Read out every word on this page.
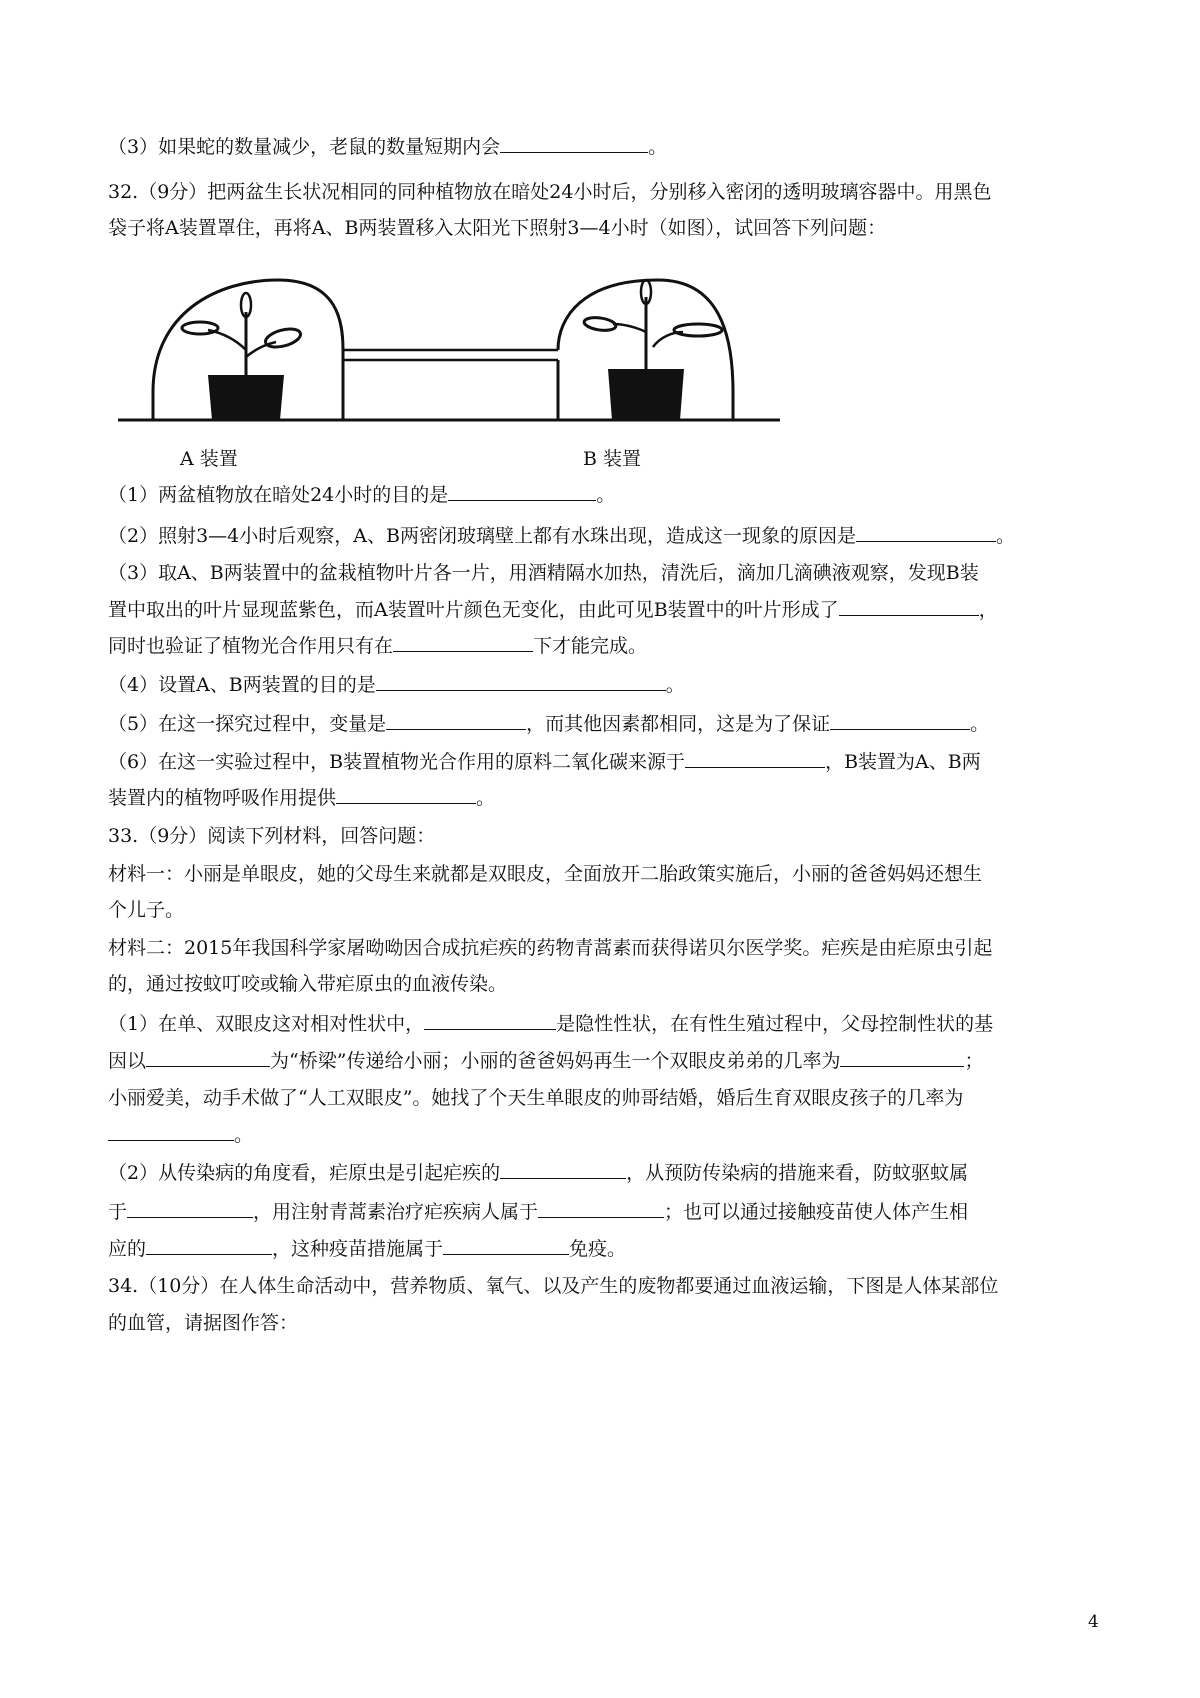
（3）如果蛇的数量减少，老鼠的数量短期内会	。
32.（9分）把两盆生长状况相同的同种植物放在暗处24小时后，分别移入密闭的透明玻璃容器中。用黑色
袋子将A装置罩住，再将A、B两装置移入太阳光下照射3—4小时（如图），试回答下列问题：
A 装置	B 装置
（1）两盆植物放在暗处24小时的目的是	。
（2）照射3—4小时后观察，A、B两密闭玻璃壁上都有水珠出现，造成这一现象的原因是	。
（3）取A、B两装置中的盆栽植物叶片各一片，用酒精隔水加热，清洗后，滴加几滴碘液观察，发现B装
置中取出的叶片显现蓝紫色，而A装置叶片颜色无变化，由此可见B装置中的叶片形成了	，
同时也验证了植物光合作用只有在	下才能完成。
（4）设置A、B两装置的目的是	。
（5）在这一探究过程中，变量是	，而其他因素都相同，这是为了保证	。
（6）在这一实验过程中，B装置植物光合作用的原料二氧化碳来源于	，B装置为A、B两
装置内的植物呼吸作用提供	。
33.（9分）阅读下列材料，回答问题：
材料一：小丽是单眼皮，她的父母生来就都是双眼皮，全面放开二胎政策实施后，小丽的爸爸妈妈还想生
个儿子。
材料二：2015年我国科学家屠呦呦因合成抗疟疾的药物青蒿素而获得诺贝尔医学奖。疟疾是由疟原虫引起
的，通过按蚊叮咬或输入带疟原虫的血液传染。
（1）在单、双眼皮这对相对性状中，	是隐性性状，在有性生殖过程中，父母控制性状的基
因以	为“桥梁”传递给小丽；小丽的爸爸妈妈再生一个双眼皮弟弟的几率为	；
小丽爱美，动手术做了“人工双眼皮”。她找了个天生单眼皮的帅哥结婚，婚后生育双眼皮孩子的几率为
。
（2）从传染病的角度看，疟原虫是引起疟疾的	，从预防传染病的措施来看，防蚊驱蚊属
于	，用注射青蒿素治疗疟疾病人属于	；也可以通过接触疫苗使人体产生相
应的	，这种疫苗措施属于	免疫。
34.（10分）在人体生命活动中，营养物质、氧气、以及产生的废物都要通过血液运输，下图是人体某部位
的血管，请据图作答：
4
